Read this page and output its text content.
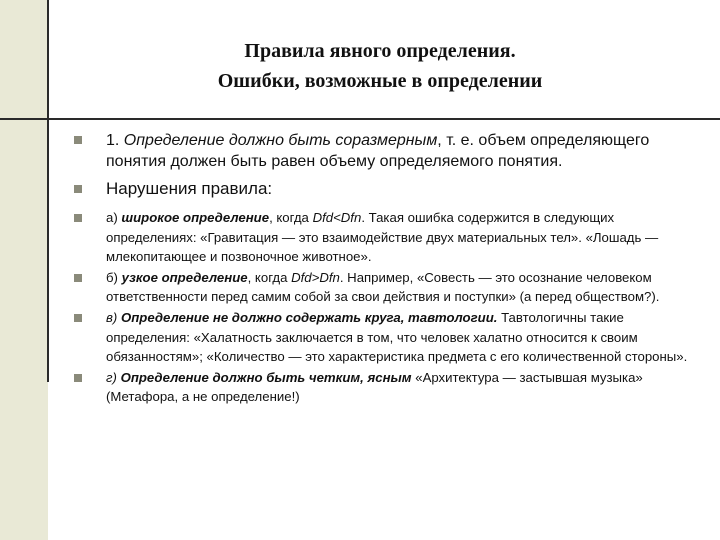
Правила явного определения.
Ошибки, возможные в определении
1. Определение должно быть соразмерным, т. е. объем определяющего понятия должен быть равен объему определяемого понятия.
Нарушения правила:
а) широкое определение, когда Dfd<Dfn. Такая ошибка содержится в следующих определениях: «Гравитация — это взаимодействие двух материальных тел». «Лошадь — млекопитающее и позвоночное животное».
б) узкое определение, когда Dfd>Dfn. Например, «Совесть — это осознание человеком ответственности перед самим собой за свои действия и поступки» (а перед обществом?).
в) Определение не должно содержать круга, тавтологии. Тавтологичны такие определения: «Халатность заключается в том, что человек халатно относится к своим обязанностям»; «Количество — это характеристика предмета с его количественной стороны».
г) Определение должно быть четким, ясным «Архитектура — застывшая музыка» (Метафора, а не определение!)
